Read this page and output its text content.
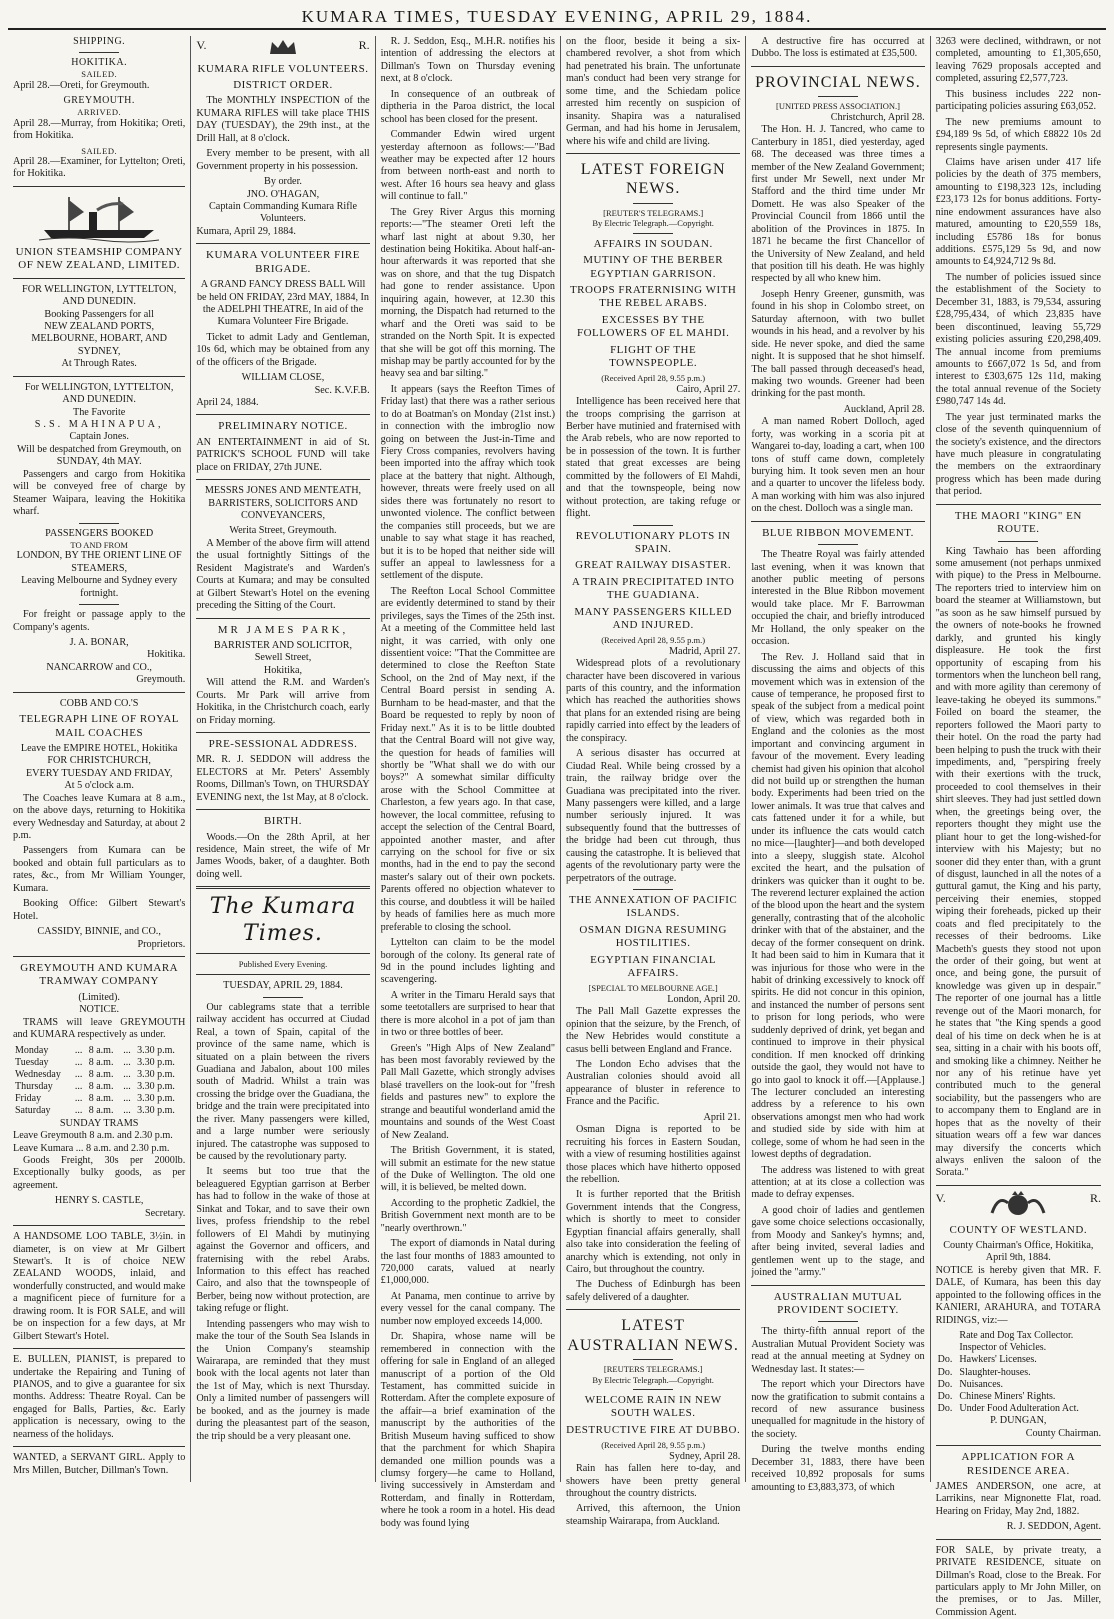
KUMARA TIMES, TUESDAY EVENING, APRIL 29, 1884.
SHIPPING.
HOKITIKA.
SAILED.

April 28.—Oreti, for Greymouth.

GREYMOUTH.
ARRIVED.

April 28.—Murray, from Hokitika; Oreti, from Hokitika.

SAILED.

April 28.—Examiner, for Lyttelton; Oreti, for Hokitika.

UNION STEAMSHIP COMPANY OF NEW ZEALAND, LIMITED.
FOR WELLINGTON, LYTTELTON, AND DUNEDIN.
Booking Passengers for all
NEW ZEALAND PORTS, MELBOURNE, HOBART, AND SYDNEY,
At Through Rates.
For WELLINGTON, LYTTELTON, AND DUNEDIN.
The Favorite
S.S. MAHINAPUA,
Captain Jones.
Will be despatched from Greymouth, on
SUNDAY, 4th MAY.

Passengers and cargo from Hokitika will be conveyed free of charge by Steamer Waipara, leaving the Hokitika wharf.

PASSENGERS BOOKED
TO AND FROM
LONDON, BY THE ORIENT LINE OF STEAMERS,
Leaving Melbourne and Sydney every fortnight.

For freight or passage apply to the Company's agents.

J. A. BONAR,
Hokitika.
NANCARROW and CO.,
Greymouth.
COBB AND CO.'S
TELEGRAPH LINE OF ROYAL MAIL COACHES
Leave the EMPIRE HOTEL, Hokitika
FOR CHRISTCHURCH,
EVERY TUESDAY AND FRIDAY,
At 5 o'clock a.m.

The Coaches leave Kumara at 8 a.m., on the above days, returning to Hokitika every Wednesday and Saturday, at about 2 p.m.

Passengers from Kumara can be booked and obtain full particulars as to rates, &c., from Mr William Younger, Kumara.

Booking Office: Gilbert Stewart's Hotel.

CASSIDY, BINNIE, and CO.,
Proprietors.
GREYMOUTH AND KUMARA TRAMWAY COMPANY
(Limited).
NOTICE.

TRAMS will leave GREYMOUTH and KUMARA respectively as under.

Monday	...	8 a.m.	...	3.30 p.m.
Tuesday	...	8 a.m.	...	3.30 p.m.
Wednesday	...	8 a.m.	...	3.30 p.m.
Thursday	...	8 a.m.	...	3.30 p.m.
Friday	...	8 a.m.	...	3.30 p.m.
Saturday	...	8 a.m.	...	3.30 p.m.
SUNDAY TRAMS
Leave Greymouth 8 a.m. and 2.30 p.m.
Leave Kumara ... 8 a.m. and 2.30 p.m.

Goods Freight, 30s per 2000lb. Exceptionally bulky goods, as per agreement.

HENRY S. CASTLE,
Secretary.

A HANDSOME LOO TABLE, 3½in. in diameter, is on view at Mr Gilbert Stewart's. It is of choice NEW ZEALAND WOODS, inlaid, and wonderfully constructed, and would make a magnificent piece of furniture for a drawing room. It is FOR SALE, and will be on inspection for a few days, at Mr Gilbert Stewart's Hotel.

E. BULLEN, PIANIST, is prepared to undertake the Repairing and Tuning of PIANOS, and to give a guarantee for six months. Address: Theatre Royal. Can be engaged for Balls, Parties, &c. Early application is necessary, owing to the nearness of the holidays.

WANTED, a SERVANT GIRL. Apply to Mrs Millen, Butcher, Dillman's Town.

V.	R.
KUMARA RIFLE VOLUNTEERS.
DISTRICT ORDER.

The MONTHLY INSPECTION of the KUMARA RIFLES will take place THIS DAY (TUESDAY), the 29th inst., at the Drill Hall, at 8 o'clock.

Every member to be present, with all Government property in his possession.

By order.
JNO. O'HAGAN,
Captain Commanding Kumara Rifle Volunteers.
Kumara, April 29, 1884.
KUMARA VOLUNTEER FIRE BRIGADE.

A GRAND FANCY DRESS BALL Will be held ON FRIDAY, 23rd MAY, 1884, In the ADELPHI THEATRE, In aid of the Kumara Volunteer Fire Brigade.

Ticket to admit Lady and Gentleman, 10s 6d, which may be obtained from any of the officers of the Brigade.

WILLIAM CLOSE,
Sec. K.V.F.B.
April 24, 1884.
PRELIMINARY NOTICE.

AN ENTERTAINMENT in aid of St. PATRICK'S SCHOOL FUND will take place on FRIDAY, 27th JUNE.

MESSRS JONES AND MENTEATH, BARRISTERS, SOLICITORS AND CONVEYANCERS,

Werita Street, Greymouth.

A Member of the above firm will attend the usual fortnightly Sittings of the Resident Magistrate's and Warden's Courts at Kumara; and may be consulted at Gilbert Stewart's Hotel on the evening preceding the Sitting of the Court.

MR JAMES PARK,
BARRISTER AND SOLICITOR,
Sewell Street,
Hokitika,

Will attend the R.M. and Warden's Courts. Mr Park will arrive from Hokitika, in the Christchurch coach, early on Friday morning.

PRE-SESSIONAL ADDRESS.

MR. R. J. SEDDON will address the ELECTORS at Mr. Peters' Assembly Rooms, Dillman's Town, on THURSDAY EVENING next, the 1st May, at 8 o'clock.

BIRTH.

Woods.—On the 28th April, at her residence, Main street, the wife of Mr James Woods, baker, of a daughter. Both doing well.

The Kumara Times.
Published Every Evening.
TUESDAY, APRIL 29, 1884.

Our cablegrams state that a terrible railway accident has occurred at Ciudad Real, a town of Spain, capital of the province of the same name, which is situated on a plain between the rivers Guadiana and Jabalon, about 100 miles south of Madrid. Whilst a train was crossing the bridge over the Guadiana, the bridge and the train were precipitated into the river. Many passengers were killed, and a large number were seriously injured. The catastrophe was supposed to be caused by the revolutionary party.

It seems but too true that the beleaguered Egyptian garrison at Berber has had to follow in the wake of those at Sinkat and Tokar, and to save their own lives, profess friendship to the rebel followers of El Mahdi by mutinying against the Governor and officers, and fraternising with the rebel Arabs. Information to this effect has reached Cairo, and also that the townspeople of Berber, being now without protection, are taking refuge or flight.

Intending passengers who may wish to make the tour of the South Sea Islands in the Union Company's steamship Wairarapa, are reminded that they must book with the local agents not later than the 1st of May, which is next Thursday. Only a limited number of passengers will be booked, and as the journey is made during the pleasantest part of the season, the trip should be a very pleasant one.

R. J. Seddon, Esq., M.H.R. notifies his intention of addressing the electors at Dillman's Town on Thursday evening next, at 8 o'clock.

In consequence of an outbreak of diptheria in the Paroa district, the local school has been closed for the present.

Commander Edwin wired urgent yesterday afternoon as follows:—"Bad weather may be expected after 12 hours from between north-east and north to west. After 16 hours sea heavy and glass will continue to fall."

The Grey River Argus this morning reports:—"The steamer Oreti left the wharf last night at about 9.30, her destination being Hokitika. About half-an-hour afterwards it was reported that she was on shore, and that the tug Dispatch had gone to render assistance. Upon inquiring again, however, at 12.30 this morning, the Dispatch had returned to the wharf and the Oreti was said to be stranded on the North Spit. It is expected that she will be got off this morning. The mishap may be partly accounted for by the heavy sea and bar silting."

It appears (says the Reefton Times of Friday last) that there was a rather serious to do at Boatman's on Monday (21st inst.) in connection with the imbroglio now going on between the Just-in-Time and Fiery Cross companies, revolvers having been imported into the affray which took place at the battery that night. Although, however, threats were freely used on all sides there was fortunately no resort to unwonted violence. The conflict between the companies still proceeds, but we are unable to say what stage it has reached, but it is to be hoped that neither side will suffer an appeal to lawlessness for a settlement of the dispute.

The Reefton Local School Committee are evidently determined to stand by their privileges, says the Times of the 25th inst. At a meeting of the Committee held last night, it was carried, with only one dissentient voice: "That the Committee are determined to close the Reefton State School, on the 2nd of May next, if the Central Board persist in sending A. Burnham to be head-master, and that the Board be requested to reply by noon of Friday next." As it is to be little doubted that the Central Board will not give way, the question for heads of families will shortly be "What shall we do with our boys?" A somewhat similar difficulty arose with the School Committee at Charleston, a few years ago. In that case, however, the local committee, refusing to accept the selection of the Central Board, appointed another master, and after carrying on the school for five or six months, had in the end to pay the second master's salary out of their own pockets. Parents offered no objection whatever to this course, and doubtless it will be hailed by heads of families here as much more preferable to closing the school.

Lyttelton can claim to be the model borough of the colony. Its general rate of 9d in the pound includes lighting and scavengering.

A writer in the Timaru Herald says that some teetotallers are surprised to hear that there is more alcohol in a pot of jam than in two or three bottles of beer.

Green's "High Alps of New Zealand" has been most favorably reviewed by the Pall Mall Gazette, which strongly advises blasé travellers on the look-out for "fresh fields and pastures new" to explore the strange and beautiful wonderland amid the mountains and sounds of the West Coast of New Zealand.

The British Government, it is stated, will submit an estimate for the new statue of the Duke of Wellington. The old one will, it is believed, be melted down.

According to the prophetic Zadkiel, the British Government next month are to be "nearly overthrown."

The export of diamonds in Natal during the last four months of 1883 amounted to 720,000 carats, valued at nearly £1,000,000.

At Panama, men continue to arrive by every vessel for the canal company. The number now employed exceeds 14,000.

Dr. Shapira, whose name will be remembered in connection with the offering for sale in England of an alleged manuscript of a portion of the Old Testament, has committed suicide in Rotterdam. After the complete exposure of the affair—a brief examination of the manuscript by the authorities of the British Museum having sufficed to show that the parchment for which Shapira demanded one million pounds was a clumsy forgery—he came to Holland, living successively in Amsterdam and Rotterdam, and finally in Rotterdam, where he took a room in a hotel. His dead body was found lying

on the floor, beside it being a six-chambered revolver, a shot from which had penetrated his brain. The unfortunate man's conduct had been very strange for some time, and the Schiedam police arrested him recently on suspicion of insanity. Shapira was a naturalised German, and had his home in Jerusalem, where his wife and child are living.

LATEST FOREIGN NEWS.
[REUTER'S TELEGRAMS.]
By Electric Telegraph.—Copyright.
AFFAIRS IN SOUDAN.
MUTINY OF THE BERBER EGYPTIAN GARRISON.
TROOPS FRATERNISING WITH THE REBEL ARABS.
EXCESSES BY THE FOLLOWERS OF EL MAHDI.
FLIGHT OF THE TOWNSPEOPLE.
(Received April 28, 9.55 p.m.)
Cairo, April 27.

Intelligence has been received here that the troops comprising the garrison at Berber have mutinied and fraternised with the Arab rebels, who are now reported to be in possession of the town. It is further stated that great excesses are being committed by the followers of El Mahdi, and that the townspeople, being now without protection, are taking refuge or flight.

REVOLUTIONARY PLOTS IN SPAIN.
GREAT RAILWAY DISASTER.
A TRAIN PRECIPITATED INTO THE GUADIANA.
MANY PASSENGERS KILLED AND INJURED.
(Received April 28, 9.55 p.m.)
Madrid, April 27.

Widespread plots of a revolutionary character have been discovered in various parts of this country, and the information which has reached the authorities shows that plans for an extended rising are being rapidly carried into effect by the leaders of the conspiracy.

A serious disaster has occurred at Ciudad Real. While being crossed by a train, the railway bridge over the Guadiana was precipitated into the river. Many passengers were killed, and a large number seriously injured. It was subsequently found that the buttresses of the bridge had been cut through, thus causing the catastrophe. It is believed that agents of the revolutionary party were the perpetrators of the outrage.

THE ANNEXATION OF PACIFIC ISLANDS.
OSMAN DIGNA RESUMING HOSTILITIES.
EGYPTIAN FINANCIAL AFFAIRS.
[SPECIAL TO MELBOURNE AGE.]
London, April 20.

The Pall Mall Gazette expresses the opinion that the seizure, by the French, of the New Hebrides would constitute a casus belli between England and France.

The London Echo advises that the Australian colonies should avoid all appearance of bluster in reference to France and the Pacific.

April 21.

Osman Digna is reported to be recruiting his forces in Eastern Soudan, with a view of resuming hostilities against those places which have hitherto opposed the rebellion.

It is further reported that the British Government intends that the Congress, which is shortly to meet to consider Egyptian financial affairs generally, shall also take into consideration the feeling of anarchy which is extending, not only in Cairo, but throughout the country.

The Duchess of Edinburgh has been safely delivered of a daughter.

LATEST AUSTRALIAN NEWS.
[REUTERS TELEGRAMS.]
By Electric Telegraph.—Copyright.
WELCOME RAIN IN NEW SOUTH WALES.
DESTRUCTIVE FIRE AT DUBBO.
(Received April 28, 9.55 p.m.)
Sydney, April 28.

Rain has fallen here to-day, and showers have been pretty general throughout the country districts.

Arrived, this afternoon, the Union steamship Wairarapa, from Auckland.

A destructive fire has occurred at Dubbo. The loss is estimated at £35,500.

PROVINCIAL NEWS.
[UNITED PRESS ASSOCIATION.]
Christchurch, April 28.

The Hon. H. J. Tancred, who came to Canterbury in 1851, died yesterday, aged 68. The deceased was three times a member of the New Zealand Government; first under Mr Sewell, next under Mr Stafford and the third time under Mr Domett. He was also Speaker of the Provincial Council from 1866 until the abolition of the Provinces in 1875. In 1871 he became the first Chancellor of the University of New Zealand, and held that position till his death. He was highly respected by all who knew him.

Joseph Henry Greener, gunsmith, was found in his shop in Colombo street, on Saturday afternoon, with two bullet wounds in his head, and a revolver by his side. He never spoke, and died the same night. It is supposed that he shot himself. The ball passed through deceased's head, making two wounds. Greener had been drinking for the past month.

Auckland, April 28.

A man named Robert Dolloch, aged forty, was working in a scoria pit at Wangarei to-day, loading a cart, when 100 tons of stuff came down, completely burying him. It took seven men an hour and a quarter to uncover the lifeless body. A man working with him was also injured on the chest. Dolloch was a single man.

BLUE RIBBON MOVEMENT.

The Theatre Royal was fairly attended last evening, when it was known that another public meeting of persons interested in the Blue Ribbon movement would take place. Mr F. Barrowman occupied the chair, and briefly introduced Mr Holland, the only speaker on the occasion.

The Rev. J. Holland said that in discussing the aims and objects of this movement which was in extension of the cause of temperance, he proposed first to speak of the subject from a medical point of view, which was regarded both in England and the colonies as the most important and convincing argument in favour of the movement. Every leading chemist had given his opinion that alcohol did not build up or strengthen the human body. Experiments had been tried on the lower animals. It was true that calves and cats fattened under it for a while, but under its influence the cats would catch no mice—[laughter]—and both developed into a sleepy, sluggish state. Alcohol excited the heart, and the pulsation of drinkers was quicker than it ought to be. The reverend lecturer explained the action of the blood upon the heart and the system generally, contrasting that of the alcoholic drinker with that of the abstainer, and the decay of the former consequent on drink. It had been said to him in Kumara that it was injurious for those who were in the habit of drinking excessively to knock off spirits. He did not concur in this opinion, and instanced the number of persons sent to prison for long periods, who were suddenly deprived of drink, yet began and continued to improve in their physical condition. If men knocked off drinking outside the gaol, they would not have to go into gaol to knock it off.—[Applause.] The lecturer concluded an interesting address by a reference to his own observations amongst men who had work and studied side by side with him at college, some of whom he had seen in the lowest depths of degradation.

The address was listened to with great attention; at at its close a collection was made to defray expenses.

A good choir of ladies and gentlemen gave some choice selections occasionally, from Moody and Sankey's hymns; and, after being invited, several ladies and gentlemen went up to the stage, and joined the "army."

AUSTRALIAN MUTUAL PROVIDENT SOCIETY.

The thirty-fifth annual report of the Australian Mutual Provident Society was read at the annual meeting at Sydney on Wednesday last. It states:—

The report which your Directors have now the gratification to submit contains a record of new assurance business unequalled for magnitude in the history of the society.

During the twelve months ending December 31, 1883, there have been received 10,892 proposals for sums amounting to £3,883,373, of which

3263 were declined, withdrawn, or not completed, amounting to £1,305,650, leaving 7629 proposals accepted and completed, assuring £2,577,723.

This business includes 222 non-participating policies assuring £63,052.

The new premiums amount to £94,189 9s 5d, of which £8822 10s 2d represents single payments.

Claims have arisen under 417 life policies by the death of 375 members, amounting to £198,323 12s, including £23,173 12s for bonus additions. Forty-nine endowment assurances have also matured, amounting to £20,559 18s, including £5786 18s for bonus additions. £575,129 5s 9d, and now amounts to £4,924,712 9s 8d.

The number of policies issued since the establishment of the Society to December 31, 1883, is 79,534, assuring £28,795,434, of which 23,835 have been discontinued, leaving 55,729 existing policies assuring £20,298,409. The annual income from premiums amounts to £667,072 1s 5d, and from interest to £303,675 12s 11d, making the total annual revenue of the Society £980,747 14s 4d.

The year just terminated marks the close of the seventh quinquennium of the society's existence, and the directors have much pleasure in congratulating the members on the extraordinary progress which has been made during that period.

THE MAORI "KING" EN ROUTE.

King Tawhaio has been affording some amusement (not perhaps unmixed with pique) to the Press in Melbourne. The reporters tried to interview him on board the steamer at Williamstown, but "as soon as he saw himself pursued by the owners of note-books he frowned darkly, and grunted his kingly displeasure. He took the first opportunity of escaping from his tormentors when the luncheon bell rang, and with more agility than ceremony of leave-taking he obeyed its summons." Foiled on board the steamer, the reporters followed the Maori party to their hotel. On the road the party had been helping to push the truck with their impediments, and, "perspiring freely with their exertions with the truck, proceeded to cool themselves in their shirt sleeves. They had just settled down when, the greetings being over, the reporters thought they might use the pliant hour to get the long-wished-for interview with his Majesty; but no sooner did they enter than, with a grunt of disgust, launched in all the notes of a guttural gamut, the King and his party, perceiving their enemies, stopped wiping their foreheads, picked up their coats and fled precipitately to the recesses of their bedrooms. Like Macbeth's guests they stood not upon the order of their going, but went at once, and being gone, the pursuit of knowledge was given up in despair." The reporter of one journal has a little revenge out of the Maori monarch, for he states that "the King spends a good deal of his time on deck when he is at sea, sitting in a chair with his boots off, and smoking like a chimney. Neither he nor any of his retinue have yet contributed much to the general sociability, but the passengers who are to accompany them to England are in hopes that as the novelty of their situation wears off a few war dances may diversify the concerts which always enliven the saloon of the Sorata."

V.	R.
COUNTY OF WESTLAND.
County Chairman's Office, Hokitika, April 9th, 1884.

NOTICE is hereby given that MR. F. DALE, of Kumara, has been this day appointed to the following offices in the KANIERI, ARAHURA, and TOTARA RIDINGS, viz:—

	Rate and Dog Tax Collector.
	Inspector of Vehicles.
Do.	Hawkers' Licenses.
Do.	Slaughter-houses.
Do.	Nuisances.
Do.	Chinese Miners' Rights.
Do.	Under Food Adulteration Act.
P. DUNGAN,
County Chairman.
APPLICATION FOR A RESIDENCE AREA.

JAMES ANDERSON, one acre, at Larrikins, near Mignonette Flat, road. Hearing on Friday, May 2nd, 1882.

R. J. SEDDON, Agent.

FOR SALE, by private treaty, a PRIVATE RESIDENCE, situate on Dillman's Road, close to the Break. For particulars apply to Mr John Miller, on the premises, or to Jas. Miller, Commission Agent.
